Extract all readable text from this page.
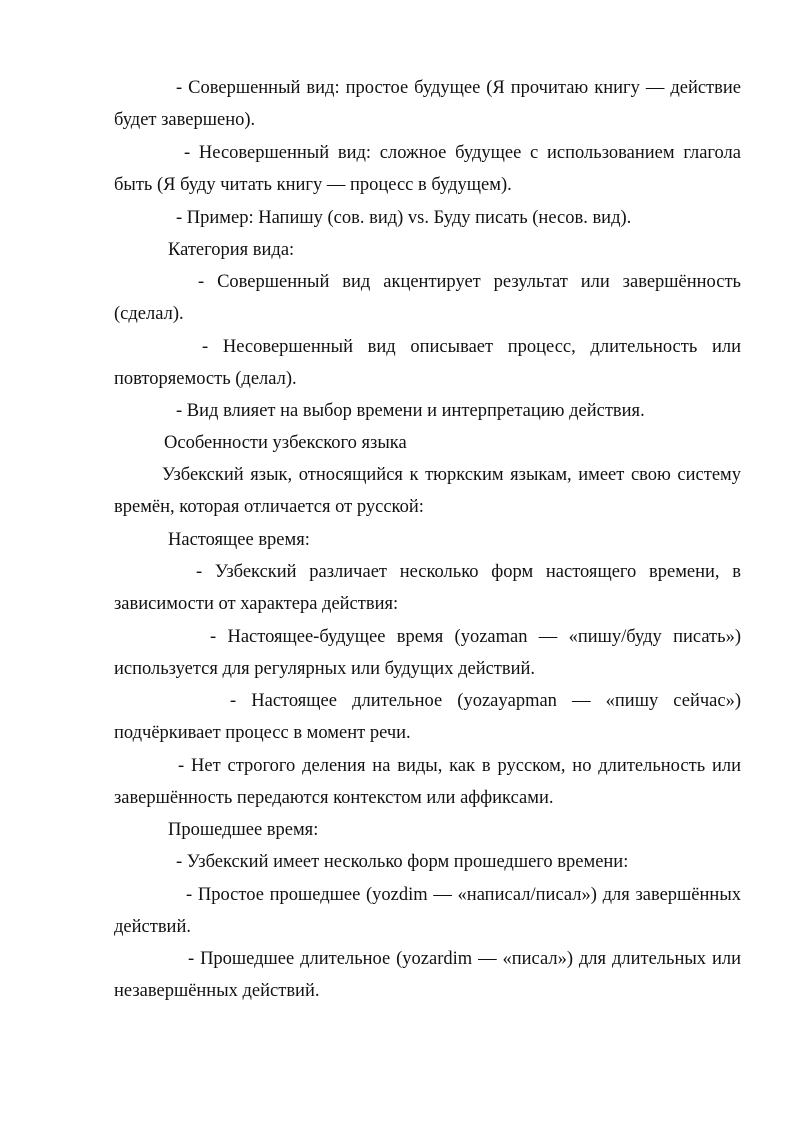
- Совершенный вид: простое будущее (Я прочитаю книгу — действие будет завершено).

- Несовершенный вид: сложное будущее с использованием глагола быть (Я буду читать книгу — процесс в будущем).

- Пример: Напишу (сов. вид) vs. Буду писать (несов. вид).

Категория вида:

- Совершенный вид акцентирует результат или завершённость (сделал).

- Несовершенный вид описывает процесс, длительность или повторяемость (делал).

- Вид влияет на выбор времени и интерпретацию действия.

Особенности узбекского языка

Узбекский язык, относящийся к тюркским языкам, имеет свою систему времён, которая отличается от русской:

Настоящее время:

- Узбекский различает несколько форм настоящего времени, в зависимости от характера действия:

- Настоящее-будущее время (yozaman — «пишу/буду писать») используется для регулярных или будущих действий.

- Настоящее длительное (yozayapman — «пишу сейчас») подчёркивает процесс в момент речи.

- Нет строгого деления на виды, как в русском, но длительность или завершённость передаются контекстом или аффиксами.

Прошедшее время:

- Узбекский имеет несколько форм прошедшего времени:

- Простое прошедшее (yozdim — «написал/писал») для завершённых действий.

- Прошедшее длительное (yozardim — «писал») для длительных или незавершённых действий.
